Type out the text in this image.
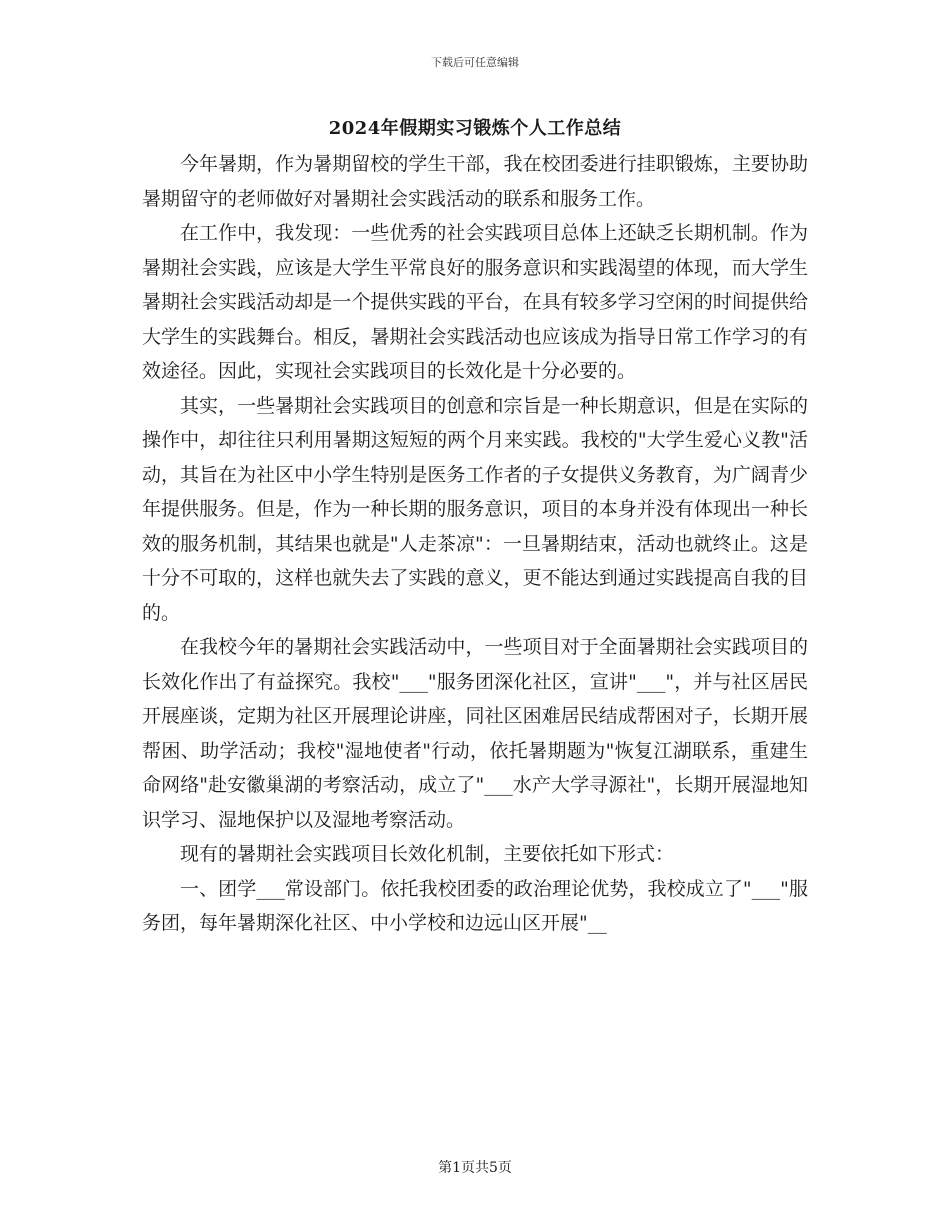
下载后可任意编辑
2024年假期实习锻炼个人工作总结

今年暑期，作为暑期留校的学生干部，我在校团委进行挂职锻炼，主要协助暑期留守的老师做好对暑期社会实践活动的联系和服务工作。

在工作中，我发现：一些优秀的社会实践项目总体上还缺乏长期机制。作为暑期社会实践，应该是大学生平常良好的服务意识和实践渴望的体现，而大学生暑期社会实践活动却是一个提供实践的平台，在具有较多学习空闲的时间提供给大学生的实践舞台。相反，暑期社会实践活动也应该成为指导日常工作学习的有效途径。因此，实现社会实践项目的长效化是十分必要的。

其实，一些暑期社会实践项目的创意和宗旨是一种长期意识，但是在实际的操作中，却往往只利用暑期这短短的两个月来实践。我校的"大学生爱心义教"活动，其旨在为社区中小学生特别是医务工作者的子女提供义务教育，为广阔青少年提供服务。但是，作为一种长期的服务意识，项目的本身并没有体现出一种长效的服务机制，其结果也就是"人走茶凉"：一旦暑期结束，活动也就终止。这是十分不可取的，这样也就失去了实践的意义，更不能达到通过实践提高自我的目的。

在我校今年的暑期社会实践活动中，一些项目对于全面暑期社会实践项目的长效化作出了有益探究。我校"___"服务团深化社区，宣讲"___"，并与社区居民开展座谈，定期为社区开展理论讲座，同社区困难居民结成帮困对子，长期开展帮困、助学活动；我校"湿地使者"行动，依托暑期题为"恢复江湖联系，重建生命网络"赴安徽巢湖的考察活动，成立了"___水产大学寻源社"，长期开展湿地知识学习、湿地保护以及湿地考察活动。

现有的暑期社会实践项目长效化机制，主要依托如下形式：

一、团学___常设部门。依托我校团委的政治理论优势，我校成立了"___"服务团，每年暑期深化社区、中小学校和边远山区开展"__

第1页共5页
